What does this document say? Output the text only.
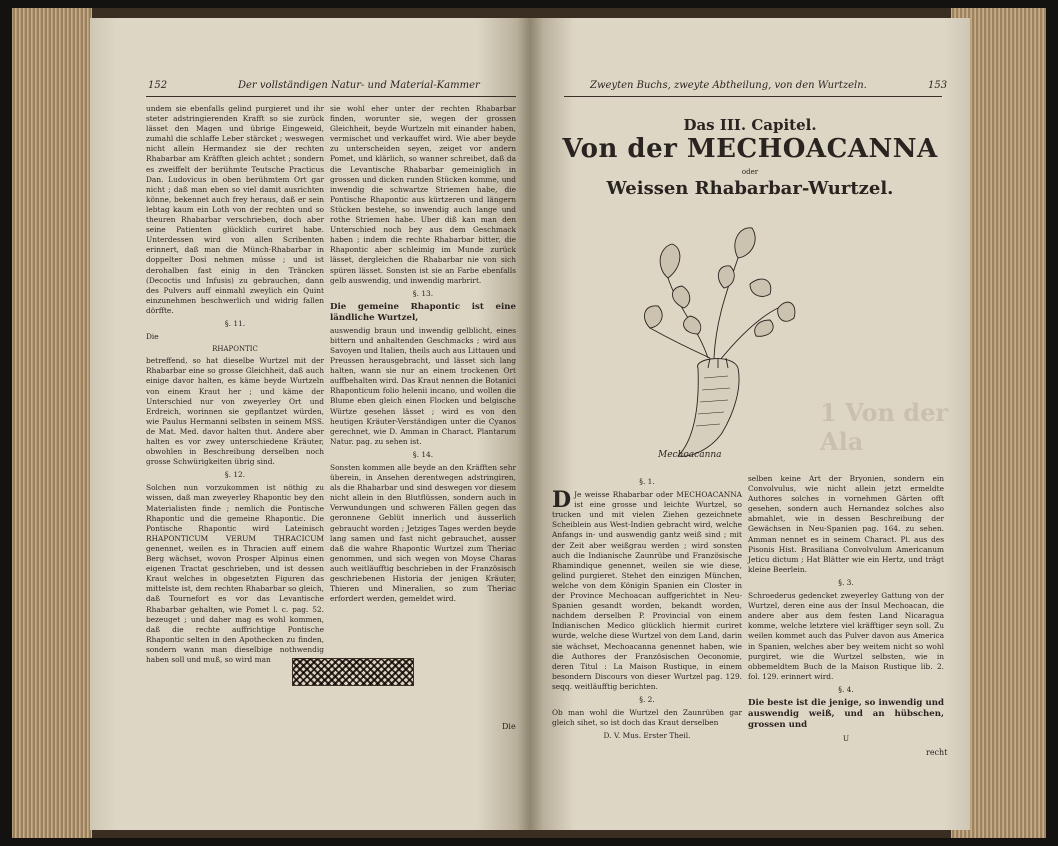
152	Der vollständigen Natur- und Material-Kammer

undem sie ebenfalls gelind purgieret und ihr steter adstringierenden Krafft so sie zurück lässet den Magen und übrige Eingeweid, zumahl die schlaffe Leber stärcket ; weswegen nicht allein Hermandez sie der rechten Rhabarbar am Kräfften gleich achtet ; sondern es zweiffelt der berühmte Teutsche Practicus Dan. Ludovicus in oben berühmtem Ort gar nicht ; daß man eben so viel damit ausrichten könne, bekennet auch frey heraus, daß er sein lebtag kaum ein Loth von der rechten und so theuren Rhabarbar verschrieben, doch aber seine Patienten glücklich curiret habe. Unterdessen wird von allen Scribenten erinnert, daß man die Münch-Rhabarbar in doppelter Dosi nehmen müsse ; und ist derohalben fast einig in den Träncken (Decoctis und Infusis) zu gebrauchen, dann des Pulvers auff einmahl zweylich ein Quint einzunehmen beschwerlich und widrig fallen dörffte.

§. 11.

Die

RHAPONTIC

betreffend, so hat dieselbe Wurtzel mit der Rhabarbar eine so grosse Gleichheit, daß auch einige davor halten, es käme beyde Wurtzeln von einem Kraut her ; und käme der Unterschied nur von zweyerley Ort und Erdreich, worinnen sie gepflantzet würden, wie Paulus Hermanni selbsten in seinem MSS. de Mat. Med. davor halten thut. Andere aber halten es vor zwey unterschiedene Kräuter, obwohlen in Beschreibung derselben noch grosse Schwürigkeiten übrig sind.

§. 12.

Solchen nun vorzukommen ist nöthig zu wissen, daß man zweyerley Rhapontic bey den Materialisten finde ; nemlich die Pontische Rhapontic und die gemeine Rhapontic. Die Pontische Rhapontic wird Lateinisch RHAPONTICUM VERUM THRACICUM genennet, weilen es in Thracien auff einem Berg wächset, wovon Prosper Alpinus einen eigenen Tractat geschrieben, und ist dessen Kraut welches in obgesetzten Figuren das mittelste ist, dem rechten Rhabarbar so gleich, daß Tournefort es vor das Levantische Rhabarbar gehalten, wie Pomet l. c. pag. 52. bezeuget ; und daher mag es wohl kommen, daß die rechte auffrichtige Pontische Rhapontic selten in den Apothecken zu finden, sondern wann man dieselbige nothwendig haben soll und muß, so wird man

sie wohl eher unter der rechten Rhabarbar finden, worunter sie, wegen der grossen Gleichheit, beyde Wurtzeln mit einander haben, vermischet und verkauffet wird. Wie aber beyde zu unterscheiden seyen, zeiget vor andern Pomet, und klärlich, so wanner schreibet, daß da die Levantische Rhabarbar gemeiniglich in grossen und dicken runden Stücken komme, und inwendig die schwartze Striemen habe, die Pontische Rhapontic aus kürtzeren und längern Stücken bestehe, so inwendig auch lange und rothe Striemen habe. Uber diß kan man den Unterschied noch bey aus dem Geschmack haben ; indem die rechte Rhabarbar bitter, die Rhapontic aber schleimig im Munde zurück lässet, dergleichen die Rhabarbar nie von sich spüren lässet. Sonsten ist sie an Farbe ebenfalls gelb auswendig, und inwendig marbrirt.

§. 13.

Die gemeine Rhapontic ist eine ländliche Wurtzel,

auswendig braun und inwendig gelblicht, eines bittern und anhaltenden Geschmacks ; wird aus Savoyen und Italien, theils auch aus Littauen und Preussen herausgebracht, und lässet sich lang halten, wann sie nur an einem trockenen Ort auffbehalten wird. Das Kraut nennen die Botanici Rhaponticum folio helenii incano, und wollen die Blume eben gleich einen Flocken und belgische Würtze gesehen lässet ; wird es von den heutigen Kräuter-Verständigen unter die Cyanos gerechnet, wie D. Amman in Charact. Plantarum Natur. pag. zu sehen ist.

§. 14.

Sonsten kommen alle beyde an den Kräfften sehr überein, in Ansehen derentwegen adstringiren, als die Rhabarbar und sind deswegen vor diesem nicht allein in den Blutflüssen, sondern auch in Verwundungen und schweren Fällen gegen das geronnene Geblüt innerlich und äusserlich gebraucht worden ; Jetziges Tages werden beyde lang samen und fast nicht gebrauchet, ausser daß die wahre Rhapontic Wurtzel zum Theriac genommen, und sich wegen von Moyse Charas auch weitläufftig beschrieben in der Französisch geschriebenen Historia der jenigen Kräuter, Thieren und Mineralien, so zum Theriac erfordert werden, gemeldet wird.

Die
Zweyten Buchs, zweyte Abtheilung, von den Wurtzeln.	153
Das III. Capitel.
Von der MECHOACANNA
oder
Weissen Rhabarbar-Wurtzel.
1 Von der Ala
Mechoacanna

§. 1.

D Je weisse Rhabarbar oder MECHOACANNA ist eine grosse und leichte Wurtzel, so trucken und mit vielen Ziehen gezeichnete Scheiblein aus West-Indien gebracht wird, welche Anfangs in- und auswendig gantz weiß sind ; mit der Zeit aber weißgrau werden ; wird sonsten auch die Indianische Zaunrübe und Französische Rhamindique genennet, weilen sie wie diese, gelind purgieret. Stehet den einzigen München, welche von dem Königin Spanien ein Closter in der Province Mechoacan auffgerichtet in Neu-Spanien gesandt worden, bekandt worden, nachdem derselben P. Provincial von einem Indianischen Medico glücklich hiermit curiret wurde, welche diese Wurtzel von dem Land, darin sie wächset, Mechoacanna genennet haben, wie die Authores der Französischen Oeconomie, deren Titul : La Maison Rustique, in einem besondern Discours von dieser Wurtzel pag. 129. seqq. weitläufftig berichten.

§. 2.

Ob man wohl die Wurtzel den Zaunrüben gar gleich sihet, so ist doch das Kraut derselben

D. V. Mus. Erster Theil.

selben keine Art der Bryonien, sondern ein Convolvulus, wie nicht allein jetzt ermeldte Authores solches in vornehmen Gärten offt gesehen, sondern auch Hernandez solches also abmahlet, wie in dessen Beschreibung der Gewächsen in Neu-Spanien pag. 164. zu sehen. Amman nennet es in seinem Charact. Pl. aus des Pisonis Hist. Brasiliana Convolvulum Americanum Jeticu dictum ; Hat Blätter wie ein Hertz, und trägt kleine Beerlein.

§. 3.

Schroederus gedencket zweyerley Gattung von der Wurtzel, deren eine aus der Insul Mechoacan, die andere aber aus dem festen Land Nicaragua komme, welche letztere viel kräfftiger seyn soll. Zu weilen kommet auch das Pulver davon aus America in Spanien, welches aber bey weitem nicht so wohl purgiret, wie die Wurtzel selbsten, wie in obbemeldtem Buch de la Maison Rustique lib. 2. fol. 129. erinnert wird.

§. 4.

Die beste ist die jenige, so inwendig und auswendig weiß, und an hübschen, grossen und

U

recht
